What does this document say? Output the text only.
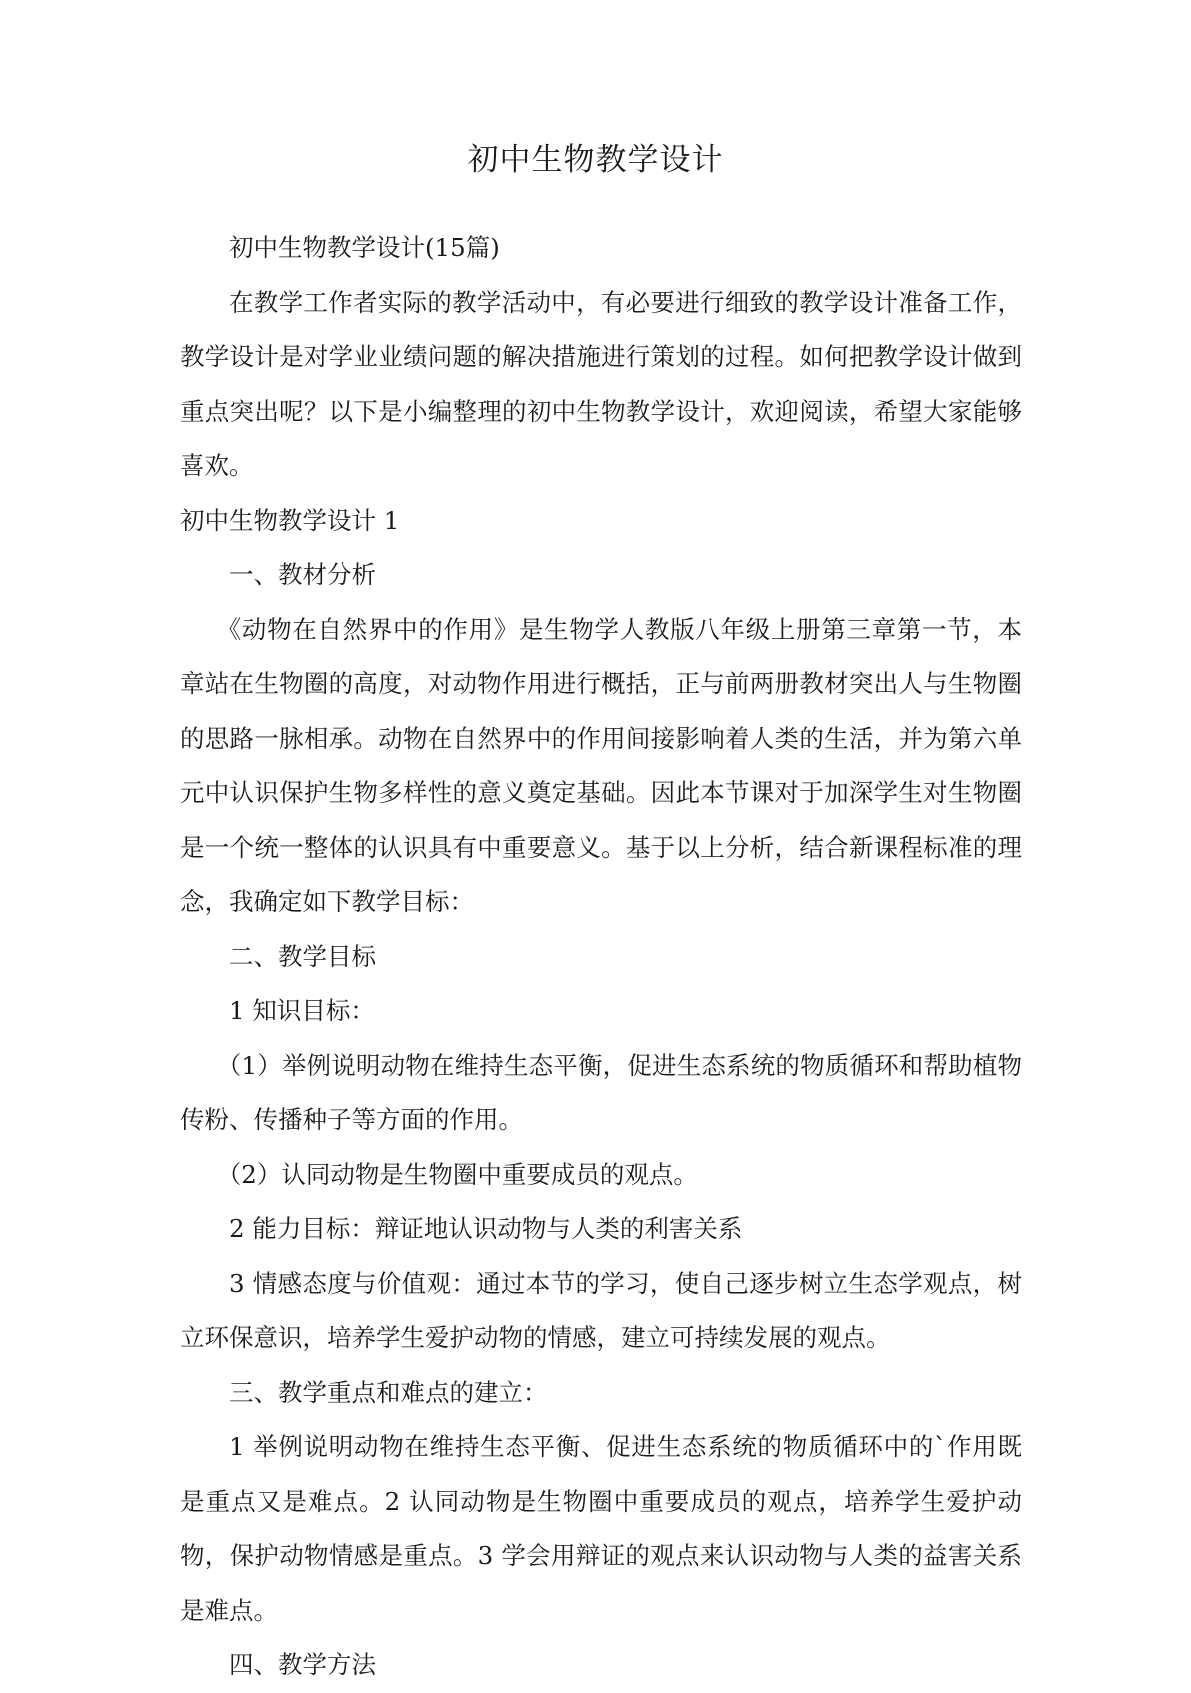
初中生物教学设计

初中生物教学设计(15篇)

在教学工作者实际的教学活动中，有必要进行细致的教学设计准备工作，教学设计是对学业业绩问题的解决措施进行策划的过程。如何把教学设计做到重点突出呢？以下是小编整理的初中生物教学设计，欢迎阅读，希望大家能够喜欢。

初中生物教学设计 1

一、教材分析

《动物在自然界中的作用》是生物学人教版八年级上册第三章第一节，本章站在生物圈的高度，对动物作用进行概括，正与前两册教材突出人与生物圈的思路一脉相承。动物在自然界中的作用间接影响着人类的生活，并为第六单元中认识保护生物多样性的意义奠定基础。因此本节课对于加深学生对生物圈是一个统一整体的认识具有中重要意义。基于以上分析，结合新课程标准的理念，我确定如下教学目标：

二、教学目标

1 知识目标：

（1）举例说明动物在维持生态平衡，促进生态系统的物质循环和帮助植物传粉、传播种子等方面的作用。

（2）认同动物是生物圈中重要成员的观点。

2 能力目标：辩证地认识动物与人类的利害关系

3 情感态度与价值观：通过本节的学习，使自己逐步树立生态学观点，树立环保意识，培养学生爱护动物的情感，建立可持续发展的观点。

三、教学重点和难点的建立：

1 举例说明动物在维持生态平衡、促进生态系统的物质循环中的`作用既是重点又是难点。2 认同动物是生物圈中重要成员的观点，培养学生爱护动物，保护动物情感是重点。3 学会用辩证的观点来认识动物与人类的益害关系是难点。

四、教学方法
